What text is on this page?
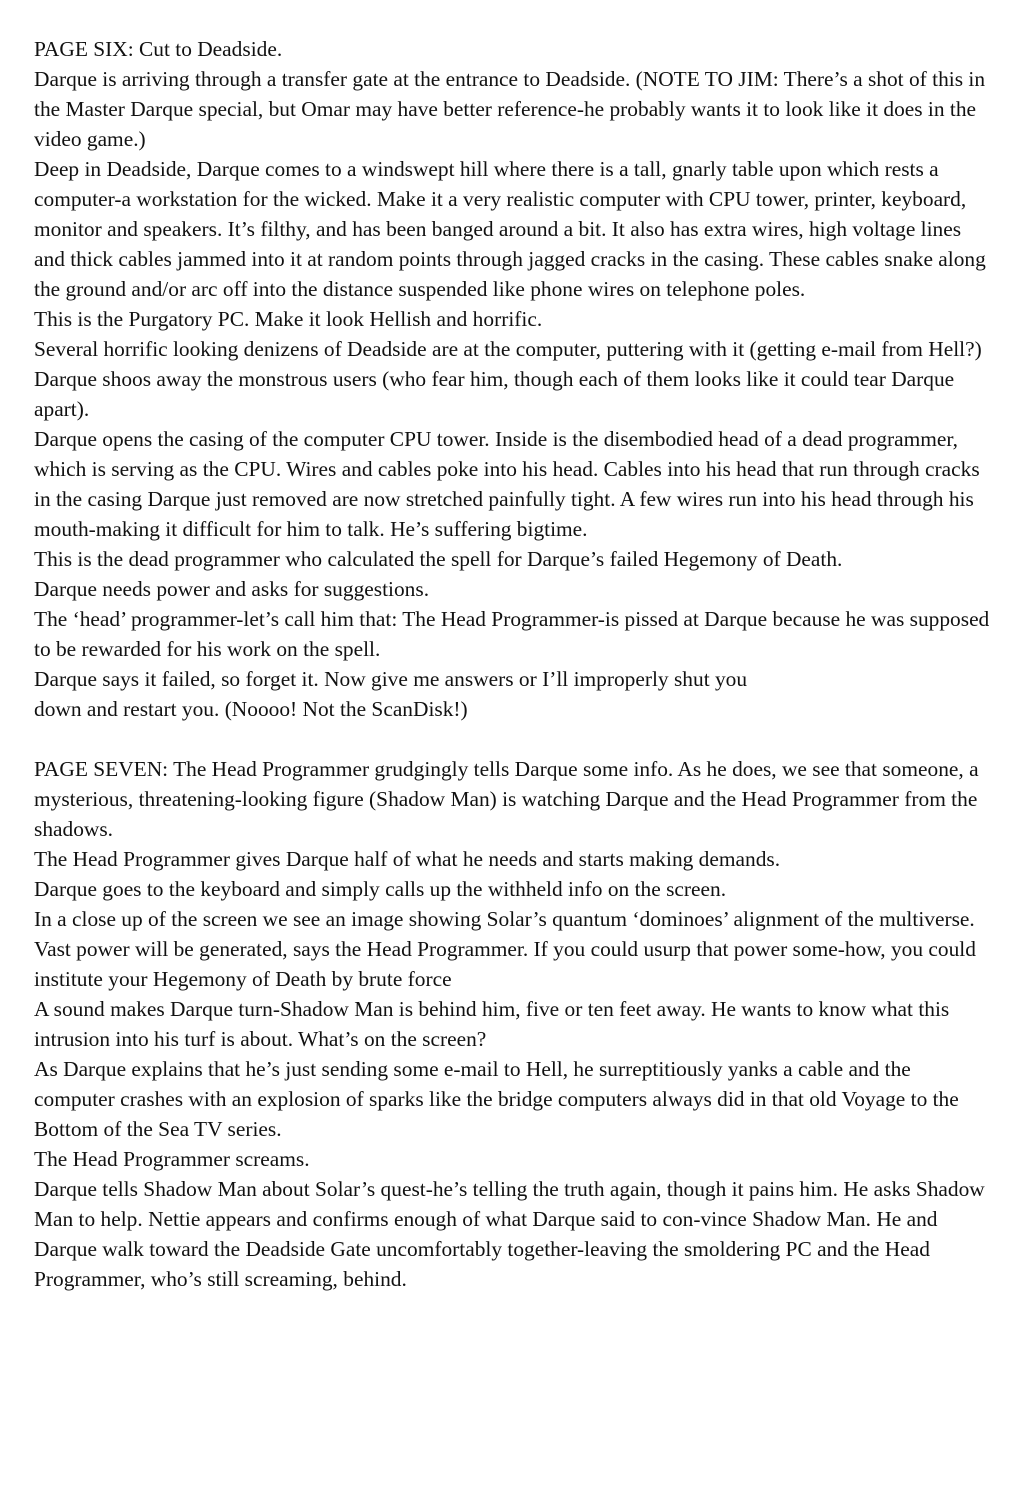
PAGE SIX: Cut to Deadside.

Darque is arriving through a transfer gate at the entrance to Deadside. (NOTE TO JIM: There’s a shot of this in the Master Darque special, but Omar may have better reference-he probably wants it to look like it does in the video game.)

Deep in Deadside, Darque comes to a windswept hill where there is a tall, gnarly table upon which rests a computer-a workstation for the wicked. Make it a very realistic computer with CPU tower, printer, keyboard, monitor and speakers. It’s filthy, and has been banged around a bit. It also has extra wires, high voltage lines and thick cables jammed into it at random points through jagged cracks in the casing. These cables snake along the ground and/or arc off into the distance suspended like phone wires on telephone poles.

This is the Purgatory PC. Make it look Hellish and horrific.

Several horrific looking denizens of Deadside are at the computer, puttering with it (getting e-mail from Hell?)

Darque shoos away the monstrous users (who fear him, though each of them looks like it could tear Darque apart).

Darque opens the casing of the computer CPU tower. Inside is the disembodied head of a dead programmer, which is serving as the CPU. Wires and cables poke into his head. Cables into his head that run through cracks in the casing Darque just removed are now stretched painfully tight. A few wires run into his head through his mouth-making it difficult for him to talk. He’s suffering bigtime.

This is the dead programmer who calculated the spell for Darque’s failed Hegemony of Death.

Darque needs power and asks for suggestions.

The ‘head’ programmer-let’s call him that: The Head Programmer-is pissed at Darque because he was supposed to be rewarded for his work on the spell.

Darque says it failed, so forget it. Now give me answers or I’ll improperly shut you
down and restart you. (Noooo! Not the ScanDisk!)

PAGE SEVEN: The Head Programmer grudgingly tells Darque some info. As he does, we see that someone, a mysterious, threatening-looking figure (Shadow Man) is watching Darque and the Head Programmer from the shadows.

The Head Programmer gives Darque half of what he needs and starts making demands.

Darque goes to the keyboard and simply calls up the withheld info on the screen.

In a close up of the screen we see an image showing Solar’s quantum ‘dominoes’ alignment of the multiverse.

Vast power will be generated, says the Head Programmer. If you could usurp that power some-how, you could institute your Hegemony of Death by brute force

A sound makes Darque turn-Shadow Man is behind him, five or ten feet away. He wants to know what this intrusion into his turf is about. What’s on the screen?

As Darque explains that he’s just sending some e-mail to Hell, he surreptitiously yanks a cable and the computer crashes with an explosion of sparks like the bridge computers always did in that old Voyage to the Bottom of the Sea TV series.

The Head Programmer screams.

Darque tells Shadow Man about Solar’s quest-he’s telling the truth again, though it pains him. He asks Shadow Man to help. Nettie appears and confirms enough of what Darque said to con-vince Shadow Man. He and Darque walk toward the Deadside Gate uncomfortably together-leaving the smoldering PC and the Head Programmer, who’s still screaming, behind.
